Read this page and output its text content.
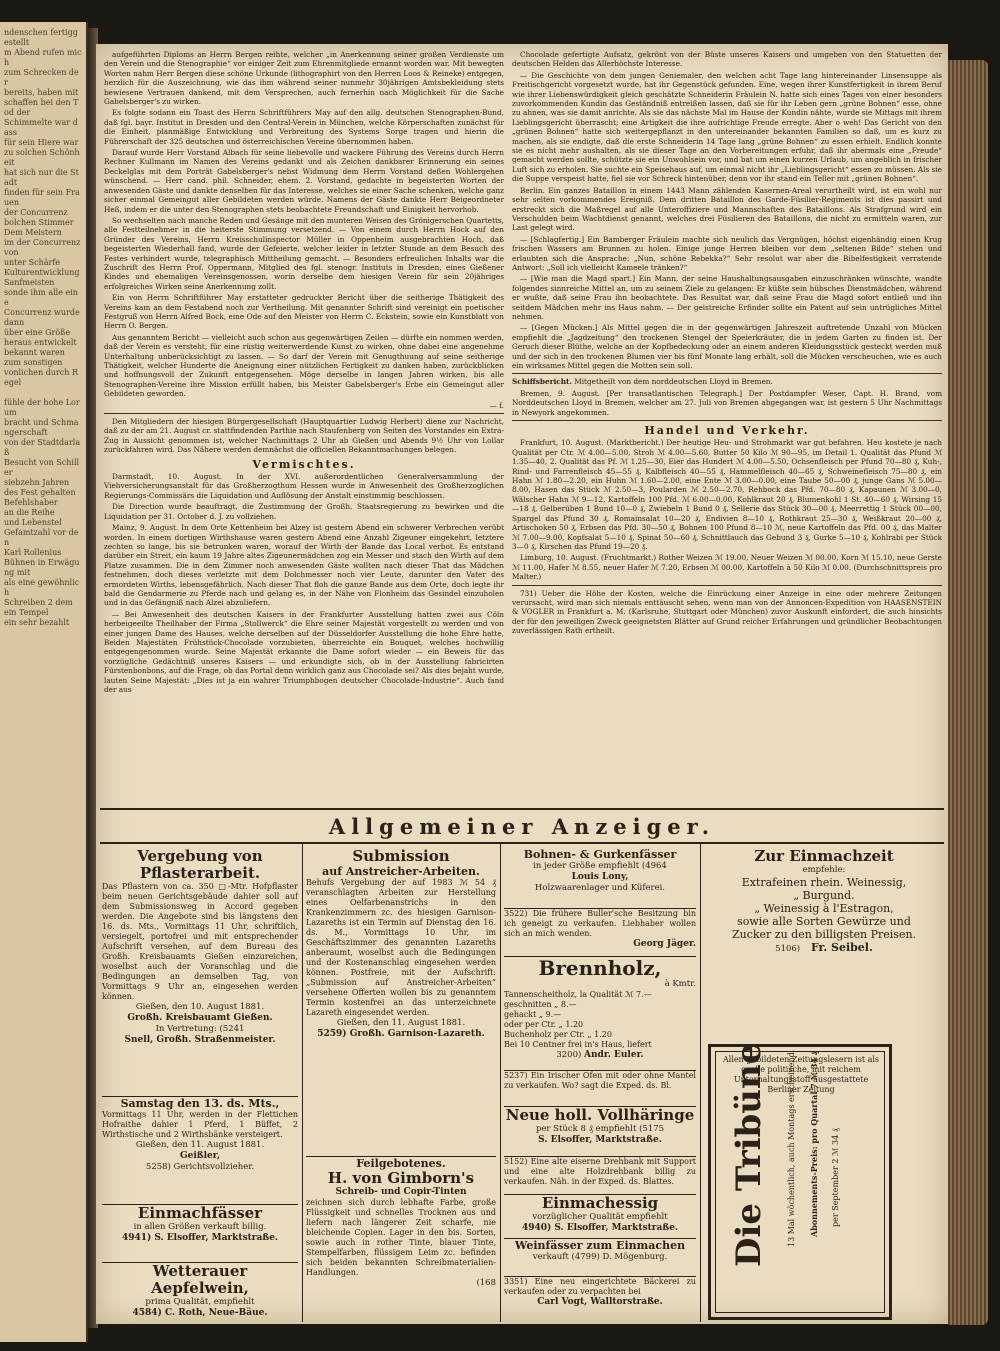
ndenschen fertiggestellt
m Abend rufen mich
zum Schrecken der
bereits, haben mit
schaffen bei den Tod der
Schimmelte war dass
für sein Hiere war
zu solchen Schönheit
hat sich nur die Stadt
finden für sein Frauen
der Concurrenz
bolchen Stimmer
Dem Meistern
im der Concurrenz von
unter Schärfe
Kulturentwicklung
Sanfmeisten
sonde ihm alle eine
Concurrenz wurde dann
über eine Größe
heraus entwickelt
bekannt waren
zum sonstigen
vonlichen durch Regel

fühle der hohe Lorum
bracht und Schmangerschaft
von der Stadtdarlaß
Besucht von Schiller
siebzehn Jahren
des Fest gehalten
Befehlshaber
an die Reihe
und Lebenstel
Gefamtzahl vor den
Karl Rollenius
Bühnen in Erwägung mit
als eine gewöhnlich
Schreiben 2 dem
ein Tempel
ein sehr bezahlt

aufgeführten Diploms an Herrn Bergen reihte, welcher „in Anerkennung seiner großen Verdienste um den Verein und die Stenographie“ vor einiger Zeit zum Ehrenmitgliede ernannt worden war. Mit bewegten Worten nahm Herr Bergen diese schöne Urkunde (lithographirt von den Herren Loos & Reineke) entgegen, herzlich für die Auszeichnung, wie das ihm während seiner nunmehr 30jährigen Amtsbekleidung stets bewiesene Vertrauen dankend, mit dem Versprechen, auch fernerhin nach Möglichkeit für die Sache Gabelsberger's zu wirken.

Es folgte sodann ein Toast des Herrn Schriftführers May auf den allg. deutschen Stenographen-Bund, daß fgl. bayr. Institut in Dresden und den Central-Verein in München, welche Körperschaften zunächst für die Einheit, planmäßige Entwicklung und Verbreitung des Systems Sorge tragen und hierin die Führerschaft der 325 deutschen und österreichischen Vereine übernommen haben.

Darauf wurde Herr Vorstand Albach für seine liebevolle und wackere Führung des Vereins durch Herrn Rechner Kullmann im Namen des Vereins gedankt und als Zeichen dankbarer Erinnerung ein seines Deckelglas mit dem Porträt Gabelsberger's nebst Widmung dem Herrn Vorstand deßen Wohlergehen wünschend. — Herr cand. phil. Schneider, ehem. 2. Vorstand, gedachte in begeisterten Worten der anwesenden Gäste und dankte denselben für das Interesse, welches sie einer Sache schenken, welche ganz sicher einmal Gemeingut aller Gebildeten werden würde. Namens der Gäste dankte Herr Beigeordneter Heß, indem er die unter den Stenographen stets beobachtete Freundschaft und Einigkeit hervorhob.

So wechselten nach manche Reden und Gesänge mit den munteren Weisen des Grönigerschen Quartetts, alle Festteilnehmer in die heiterste Stimmung versetzend. — Von einem durch Herrn Hock auf den Gründer des Vereins, Herrn Kreisschulinspector Müller in Oppenheim ausgebrachten Hoch, daß begeisterten Wiederhall fand, wurde der Gefeierte, welcher leider in letzter Stunde an dem Besuch des Festes verhindert wurde, telegraphisch Mittheilung gemacht. — Besonders erfreulichen Inhalts war die Zuschrift des Herrn Prof. Oppermann, Mitglied des fgl. stenogr. Instituts in Dresden, eines Gießener Kindes und ehemaligen Vereinsgenossen, worin derselbe dem hiesigen Verein für sein 20jähriges erfolgreiches Wirken seine Anerkennung zollt.

Ein von Herrn Schriftführer May erstatteter gedruckter Bericht über die seitherige Thätigkeit des Vereins kam an dem Festabend noch zur Vertheilung. Mit genannter Schrift sind vereinigt ein poetischer Festgruß von Herrn Alfred Bock, eine Ode auf den Meister von Herrn C. Eckstein, sowie ein Kunstblatt von Herrn O. Bergen.

Aus genanntem Bericht — vielleicht auch schon aus gegenwärtigen Zeilen — dürfte ein nommen werden, daß der Verein es versteht, für eine rüstig weiterwerdende Kunst zu wirken, ohne dabei eine angenehme Unterhaltung unberücksichtigt zu lassen. — So darf der Verein mit Genugthuung auf seine seitherige Thätigkeit, welcher Hunderte die Aneignung einer nützlichen Fertigkeit zu danken haben, zurückblicken und hoffnungsvoll der Zukunft entgegensehen. Möge derselbe in langen Jahren wirken, bis alle Stenographen-Vereine ihre Mission erfüllt haben, bis Meister Gabelsberger's Erbe ein Gemeingut aller Gebildeten geworden.

— f.

Den Mitgliedern der hiesigen Bürgergesellschaft (Hauptquartier Ludwig Herbert) diene zur Nachricht, daß zu der am 21. August cr. stattfindenden Parthie nach Staufenberg von Seiten des Vorstandes ein Extra-Zug in Aussicht genommen ist, welcher Nachmittags 2 Uhr ab Gießen und Abends 9½ Uhr von Lollar zurückfahren wird. Das Nähere werden demnächst die officiellen Bekanntmachungen belegen.

Vermischtes.

Darmstadt, 10. August. In der XVI. außerordentlichen Generalversammlung der Viehversicherungsanstalt für das Großherzogthum Hessen wurde in Anwesenheit des Großherzoglichen Regierungs-Commissärs die Liquidation und Auflösung der Anstalt einstimmig beschlossen.

Die Direction wurde beauftragt, die Zustimmung der Großh. Staatsregierung zu bewirken und die Liquidation per 31. October d. J. zu vollziehen.

Mainz, 9. August. In dem Orte Kettenheim bei Alzey ist gestern Abend ein schwerer Verbrechen verübt worden. In einem dortigen Wirthshause waren gestern Abend eine Anzahl Zigeuner eingekehrt, letztere zechten so lange, bis sie betrunken waren, worauf der Wirth der Bande das Local verbot. Es entstand darüber ein Streit, ein kaum 19 Jahre altes Zigeunermädchen zog ein Messer und stach den Wirth auf dem Platze zusammen. Die in dem Zimmer noch anwesenden Gäste wollten nach dieser That das Mädchen festnehmen, doch dieses verletzte mit dem Dolchmesser noch vier Leute, darunter den Vater des ermordeten Wirths, lebensgefährlich. Nach dieser That floh die ganze Bande aus dem Orte, doch legte ihr bald die Gendarmerie zu Pferde nach und gelang es, in der Nähe von Flonheim das Gesindel einzuholen und in das Gefängniß nach Alzei abzuliefern.

— Bei Anwesenheit des deutschen Kaisers in der Frankfurter Ausstellung hatten zwei aus Cöln herbeigeeilte Theilhaber der Firma „Stollwerck“ die Ehre seiner Majestät vorgestellt zu werden und von einer jungen Dame des Hauses, welche derselben auf der Düsseldorfer Ausstellung die hohe Ehre hatte, Beiden Majestäten Frühstück-Chocolade vorzubieten, überreichte ein Bouquet, welches hochwillig entgegengenommen wurde. Seine Majestät erkannte die Dame sofort wieder — ein Beweis für das vorzügliche Gedächtniß unseres Kaisers — und erkundigte sich, ob in der Ausstellung fabricirten Fürstenbonbons, auf die Frage, ob das Portal denn wirklich ganz aus Chocolade sei? Als dies bejaht wurde, lauten Seine Majestät: „Dies ist ja ein wahrer Triumphbogen deutscher Chocolade-Industrie“. Auch fand der aus

Chocolade gefertigte Aufsatz, gekrönt von der Büste unseres Kaisers und umgeben von den Statuetten der deutschen Helden das Allerhöchste Interesse.

— Die Geschichte von dem jungen Geniemaler, den welchen acht Tage lang hintereinander Linsensuppe als Freitischgericht vorgesetzt wurde, hat ihr Gegenstück gefunden. Eine, wegen ihrer Kunstfertigkeit in ihrem Beruf wie ihrer Liebenswürdigkeit gleich geschätzte Schneiderin Fräulein N. hatte sich eines Tages von einer besonders zuvorkommenden Kundin das Geständniß entreißen lassen, daß sie für ihr Leben gern „grüne Bohnen“ esse, ohne zu ahnen, was sie damit anrichte. Als sie das nächste Mal im Hause der Kundin nähte, wurde sie Mittags mit ihrem Lieblingsgericht überrascht; eine Artigkeit die ihre aufrichtige Freude erregte. Aber o weh! Das Gericht von den „grünen Bohnen“ hatte sich weitergepflanzt in den untereinander bekannten Familien so daß, um es kurz zu machen, als sie endigte, daß die erste Schneiderin 14 Tage lang „grüne Bohnen“ zu essen erhielt. Endlich konnte sie es nicht mehr aushalten, als sie dieser Tage an den Vorbereitungen erfuhr, daß ihr abermals eine „Freude“ gemacht werden sollte, schützte sie ein Unwohlsein vor, und bat um einen kurzen Urlaub, um angeblich in frischer Luft sich zu erholen. Sie suchte ein Speisehaus auf, um einmal nicht ihr „Lieblingsgericht“ essen zu müssen. Als sie die Suppe verspeist hatte, fiel sie vor Schreck hintenüber, denn vor ihr stand ein Teller mit „grünen Bohnen“.

Berlin. Ein ganzes Bataillon in einem 1443 Mann zählenden Kasernen-Areal verurtheilt wird, ist ein wohl nur sehr selten vorkommendes Ereigniß. Dem dritten Bataillon des Garde-Füsilier-Regiments ist dies passirt und erstreckt sich die Maßregel auf alle Unteroffiziere und Mannschaften des Bataillons. Als Strafgrund wird ein Verschulden beim Wachtdienst genannt, welches drei Füsilieren des Bataillons, die nicht zu ermitteln waren, zur Last gelegt wird.

— [Schlagfertig.] Ein Bamberger Fräulein machte sich neulich das Vergnügen, höchst eigenhändig einen Krug frischen Wassers am Brunnen zu holen. Einige junge Herren bleiben vor dem „seltenen Bilde“ stehen und erlaubten sich die Ansprache: „Nun, schöne Rebekka?“ Sehr resolut war aber die Bibelfestigkeit verratende Antwort: „Soll ich vielleicht Kameele tränken?“

— [Wie man die Magd spart.] Ein Mann, der seine Haushaltungsausgaben einzuschränken wünschte, wandte folgendes sinnreiche Mittel an, um zu seinem Ziele zu gelangen: Er küßte sein hübsches Dienstmädchen, während er wußte, daß seine Frau ihn beobachtete. Das Resultat war, daß seine Frau die Magd sofort entließ und ihn seitdem Mädchen mehr ins Haus nahm. — Der geistreiche Erfinder sollte ein Patent auf sein untrügliches Mittel nehmen.

— [Gegen Mücken.] Als Mittel gegen die in der gegenwärtigen Jahreszeit auftretende Unzahl von Mücken empfiehlt die „Jagdzeitung“ den trockenen Stengel der Speierkräuter, die in jedem Garten zu finden ist. Der Geruch dieser Blüthe, welche an der Kopfbedeckung oder an einem anderen Kleidungsstück gesteckt werden muß und der sich in den trockenen Blumen vier bis fünf Monate lang erhält, soll die Mücken verscheuchen, wie es auch ein wirksames Mittel gegen die Motten sein soll.

Schiffsbericht. Mitgetheilt von dem norddeutschen Lloyd in Bremen.

Bremen, 9. August. [Per transatlantischen Telegraph.] Der Postdampfer Weser, Capt. H. Brand, vom Norddeutschen Lloyd in Bremen, welcher am 27. Juli von Bremen abgegangen war, ist gestern 5 Uhr Nachmittags in Newyork angekommen.

Handel und Verkehr.

Frankfurt, 10. August. (Marktbericht.) Der heutige Heu- und Strohmarkt war gut befahren. Heu kostete je nach Qualität per Ctr. ℳ 4.00—5.00, Stroh ℳ 4.00—5.60, Butter 50 Kilo ℳ 90—95, im Detail 1. Qualität das Pfund ℳ 1.35—40, 2. Qualität das Pf. ℳ 1.25—30, Eier das Hundert ℳ 4.00—5.50, Ochsenfleisch per Pfund 70—80 ₰, Kuh-, Rind- und Farrenfleisch 45—55 ₰, Kalbfleisch 40—55 ₰, Hammelfleisch 40—65 ₰, Schweinefleisch 75—80 ₰, ein Hahn ℳ 1.80—2.20, ein Huhn ℳ 1.60—2.00, eine Ente ℳ 3.00—0.00, eine Taube 50—00 ₰, junge Gans ℳ 5.00—8.00, Hasen das Stück ℳ 2.50—3, Poularden ℳ 2.50—2.70, Rehbock das Pfd. 70—80 ₰, Kapaunen ℳ 3.00—0, Wälscher Hahn ℳ 9—12, Kartoffeln 100 Pfd. ℳ 6.00—0.00, Kohlkraut 20 ₰, Blumenkohl 1 St. 40—60 ₰, Wirsing 15—18 ₰, Gelberüben 1 Bund 10—0 ₰, Zwiebeln 1 Bund 0 ₰, Sellerie das Stück 30—00 ₰, Meerrettig 1 Stück 00—00, Spargel das Pfund 30 ₰, Romainsalat 10—20 ₰, Endivien 8—10 ₰, Rothkraut 25—30 ₰, Weißkraut 20—00 ₰, Artischoken 50 ₰, Erbsen das Pfd. 30—50 ₰, Bohnen 100 Pfund 8—10 ℳ, neue Kartoffeln das Pfd. 00 ₰, das Malter ℳ 7.00—9.00, Kopfsalat 5—10 ₰, Spinat 50—60 ₰, Schnittlauch das Gebund 3 ₰, Gurke 5—10 ₰, Kohlrabi per Stück 3—0 ₰, Kirschen das Pfund 19—20 ₰.

Limburg, 10. August. (Fruchtmarkt.) Rother Weizen ℳ 19.00, Neuer Weizen ℳ 00.00, Korn ℳ 15.10, neue Gerste ℳ 11.00, Hafer ℳ 8.55, neuer Hafer ℳ 7.20, Erbsen ℳ 00.00, Kartoffeln à 50 Kilo ℳ 0.00. (Durchschnittspreis pro Malter.)

731) Ueber die Höhe der Kosten, welche die Einrückung einer Anzeige in eine oder mehrere Zeitungen verursacht, wird man sich niemals enttäuscht sehen, wenn man von der Annoncen-Expedition von HAASENSTEIN & VOGLER in Frankfurt a. M. (Karlsruhe, Stuttgart oder München) zuvor Auskunft einfordert, die auch hinsichts der für den jeweiligen Zweck geeignetsten Blätter auf Grund reicher Erfahrungen und gründlicher Beobachtungen zuverlässigen Rath ertheilt.

Allgemeiner Anzeiger.
Vergebung von Pflasterarbeit.
Das Pflastern von ca. 350 □-Mtr. Hofpflaster beim neuen Gerichtsgebäude dahier soll auf dem Submissionsweg in Accord gegeben werden. Die Angebote sind bis längstens den 16. ds. Mts., Vormittags 11 Uhr, schriftlich, versiegelt, portofrei und mit entsprechender Aufschrift versehen, auf dem Bureau des Großh. Kreisbauamts Gießen einzureichen, woselbst auch der Voranschlag und die Bedingungen an demselben Tag, von Vormittags 9 Uhr an, eingesehen werden können.
Gießen, den 10. August 1881.
Großh. Kreisbauamt Gießen.
In Vertretung: (5241
Snell, Großh. Straßenmeister.
Samstag den 13. ds. Mts.,
Vormittags 11 Uhr, werden in der Flettichen Hofraithe dahier 1 Pferd, 1 Büffet, 2 Wirthstische und 2 Wirthsbänke versteigert.
Gießen, den 11. August 1881.
Geißler,
5258) Gerichtsvollzieher.
Einmachfässer
in allen Größen verkauft billig.
4941) S. Elsoffer, Marktstraße.
Wetterauer Aepfelwein,
prima Qualität, empfiehlt
4584) C. Roth, Neue-Bäue.
Submission
auf Anstreicher-Arbeiten.
Behufs Vergebung der auf 1983 ℳ 54 ₰ veranschlagten Arbeiten zur Herstellung eines Oelfarbenanstrichs in den Krankenzimmern zc. des hiesigen Garnison-Lazareths ist ein Termin auf Dienstag den 16. ds. M., Vormittags 10 Uhr, im Geschäftszimmer des genannten Lazareths anberaumt, woselbst auch die Bedingungen und der Kostenanschlag eingesehen werden können. Postfreie, mit der Aufschrift: „Submission auf Anstreicher-Arbeiten“ versehene Offerten wollen bis zu genanntem Termin kostenfrei an das unterzeichnete Lazareth eingesendet werden.
Gießen, den 11. August 1881.
5259) Großh. Garnison-Lazareth.
Feilgebotenes.
H. von Gimborn's
Schreib- und Copir-Tinten
zeichnen sich durch lebhafte Farbe, große Flüssigkeit und schnelles Trocknen aus und liefern nach längerer Zeit scharfe, nie bleichende Copien. Lager in den bis. Sorten, sowie auch in rother Tinte, blauer Tinte, Stempelfarben, flüssigem Leim zc. befinden sich beiden bekannten Schreibmaterialien-Handlungen.
(168
Bohnen- & Gurkenfässer
in jeder Größe empfiehlt (4964
Louis Lony,
Holzwaarenlager und Küferei.
3522) Die frühere Buller'sche Besitzung bin ich geneigt zu verkaufen. Liebhaber wollen sich an mich wenden.
Georg Jäger.
Brennholz,
à Kmtr.
Tannenscheitholz, la Qualität ℳ 7.—
geschnitten „ 8.—
gehackt „ 9.—
oder per Ctr. „ 1.20
Buchenholz per Ctr. „ 1.20
Bei 10 Centner frei in's Haus, liefert
3200) Andr. Euler.
5237) Ein Irischer Ofen mit oder ohne Mantel zu verkaufen. Wo? sagt die Exped. ds. Bl.
Neue holl. Vollhäringe
per Stück 8 ₰ empfiehlt (5175
S. Elsoffer, Marktstraße.
5152) Eine alte eiserne Drehbank mit Support und eine alte Holzdrehbank billig zu verkaufen. Näh. in der Exped. ds. Blattes.
Einmachessig
vorzüglicher Qualität empfiehlt
4940) S. Elsoffer, Marktstraße.
Weinfässer zum Einmachen
verkauft (4799) D. Mögenburg.
3351) Eine neu eingerichtete Bäckerei zu verkaufen oder zu verpachten bei
Carl Vogt, Walltorstraße.
Zur Einmachzeit
empfehle:
Extrafeinen rhein. Weinessig,
„ Burgund.
„ Weinessig à l'Estragon,
sowie alle Sorten Gewürze und
Zucker zu den billigsten Preisen.
5106) Fr. Seibel.
Allen gebildeten Zeitungslesern ist als große politische, mit reichem Unterhaltungsstoff ausgestattete Berliner Zeitung
Die Tribüne 13 Mal wöchentlich, auch Montags erscheinend. Abonnements-Preis: pro Quartal 7 ℳ 34 ₰ per September 2 ℳ 34 ₰
